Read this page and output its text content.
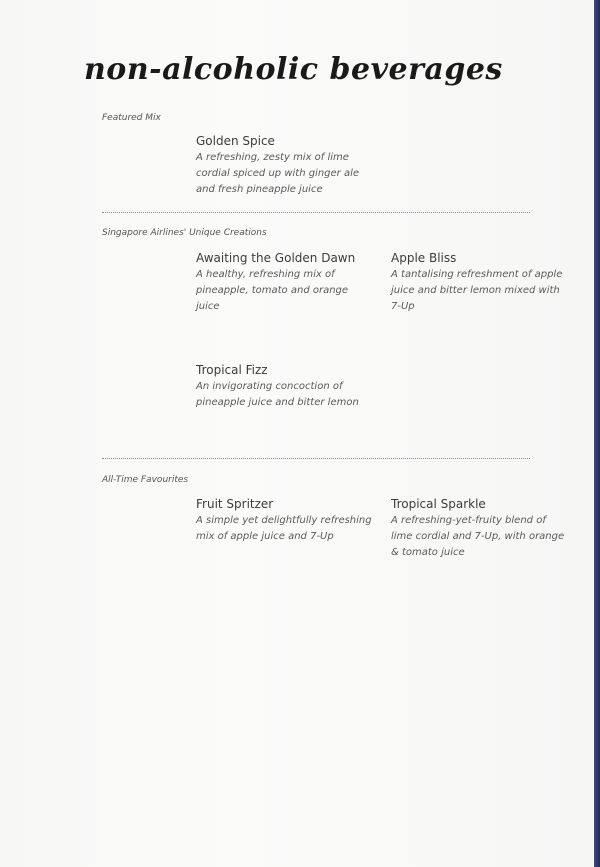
non-alcoholic beverages
Featured Mix
Golden Spice
A refreshing, zesty mix of lime cordial spiced up with ginger ale and fresh pineapple juice
Singapore Airlines' Unique Creations
Awaiting the Golden Dawn
A healthy, refreshing mix of pineapple, tomato and orange juice
Apple Bliss
A tantalising refreshment of apple juice and bitter lemon mixed with 7-Up
Tropical Fizz
An invigorating concoction of pineapple juice and bitter lemon
All-Time Favourites
Fruit Spritzer
A simple yet delightfully refreshing mix of apple juice and 7-Up
Tropical Sparkle
A refreshing-yet-fruity blend of lime cordial and 7-Up, with orange & tomato juice
